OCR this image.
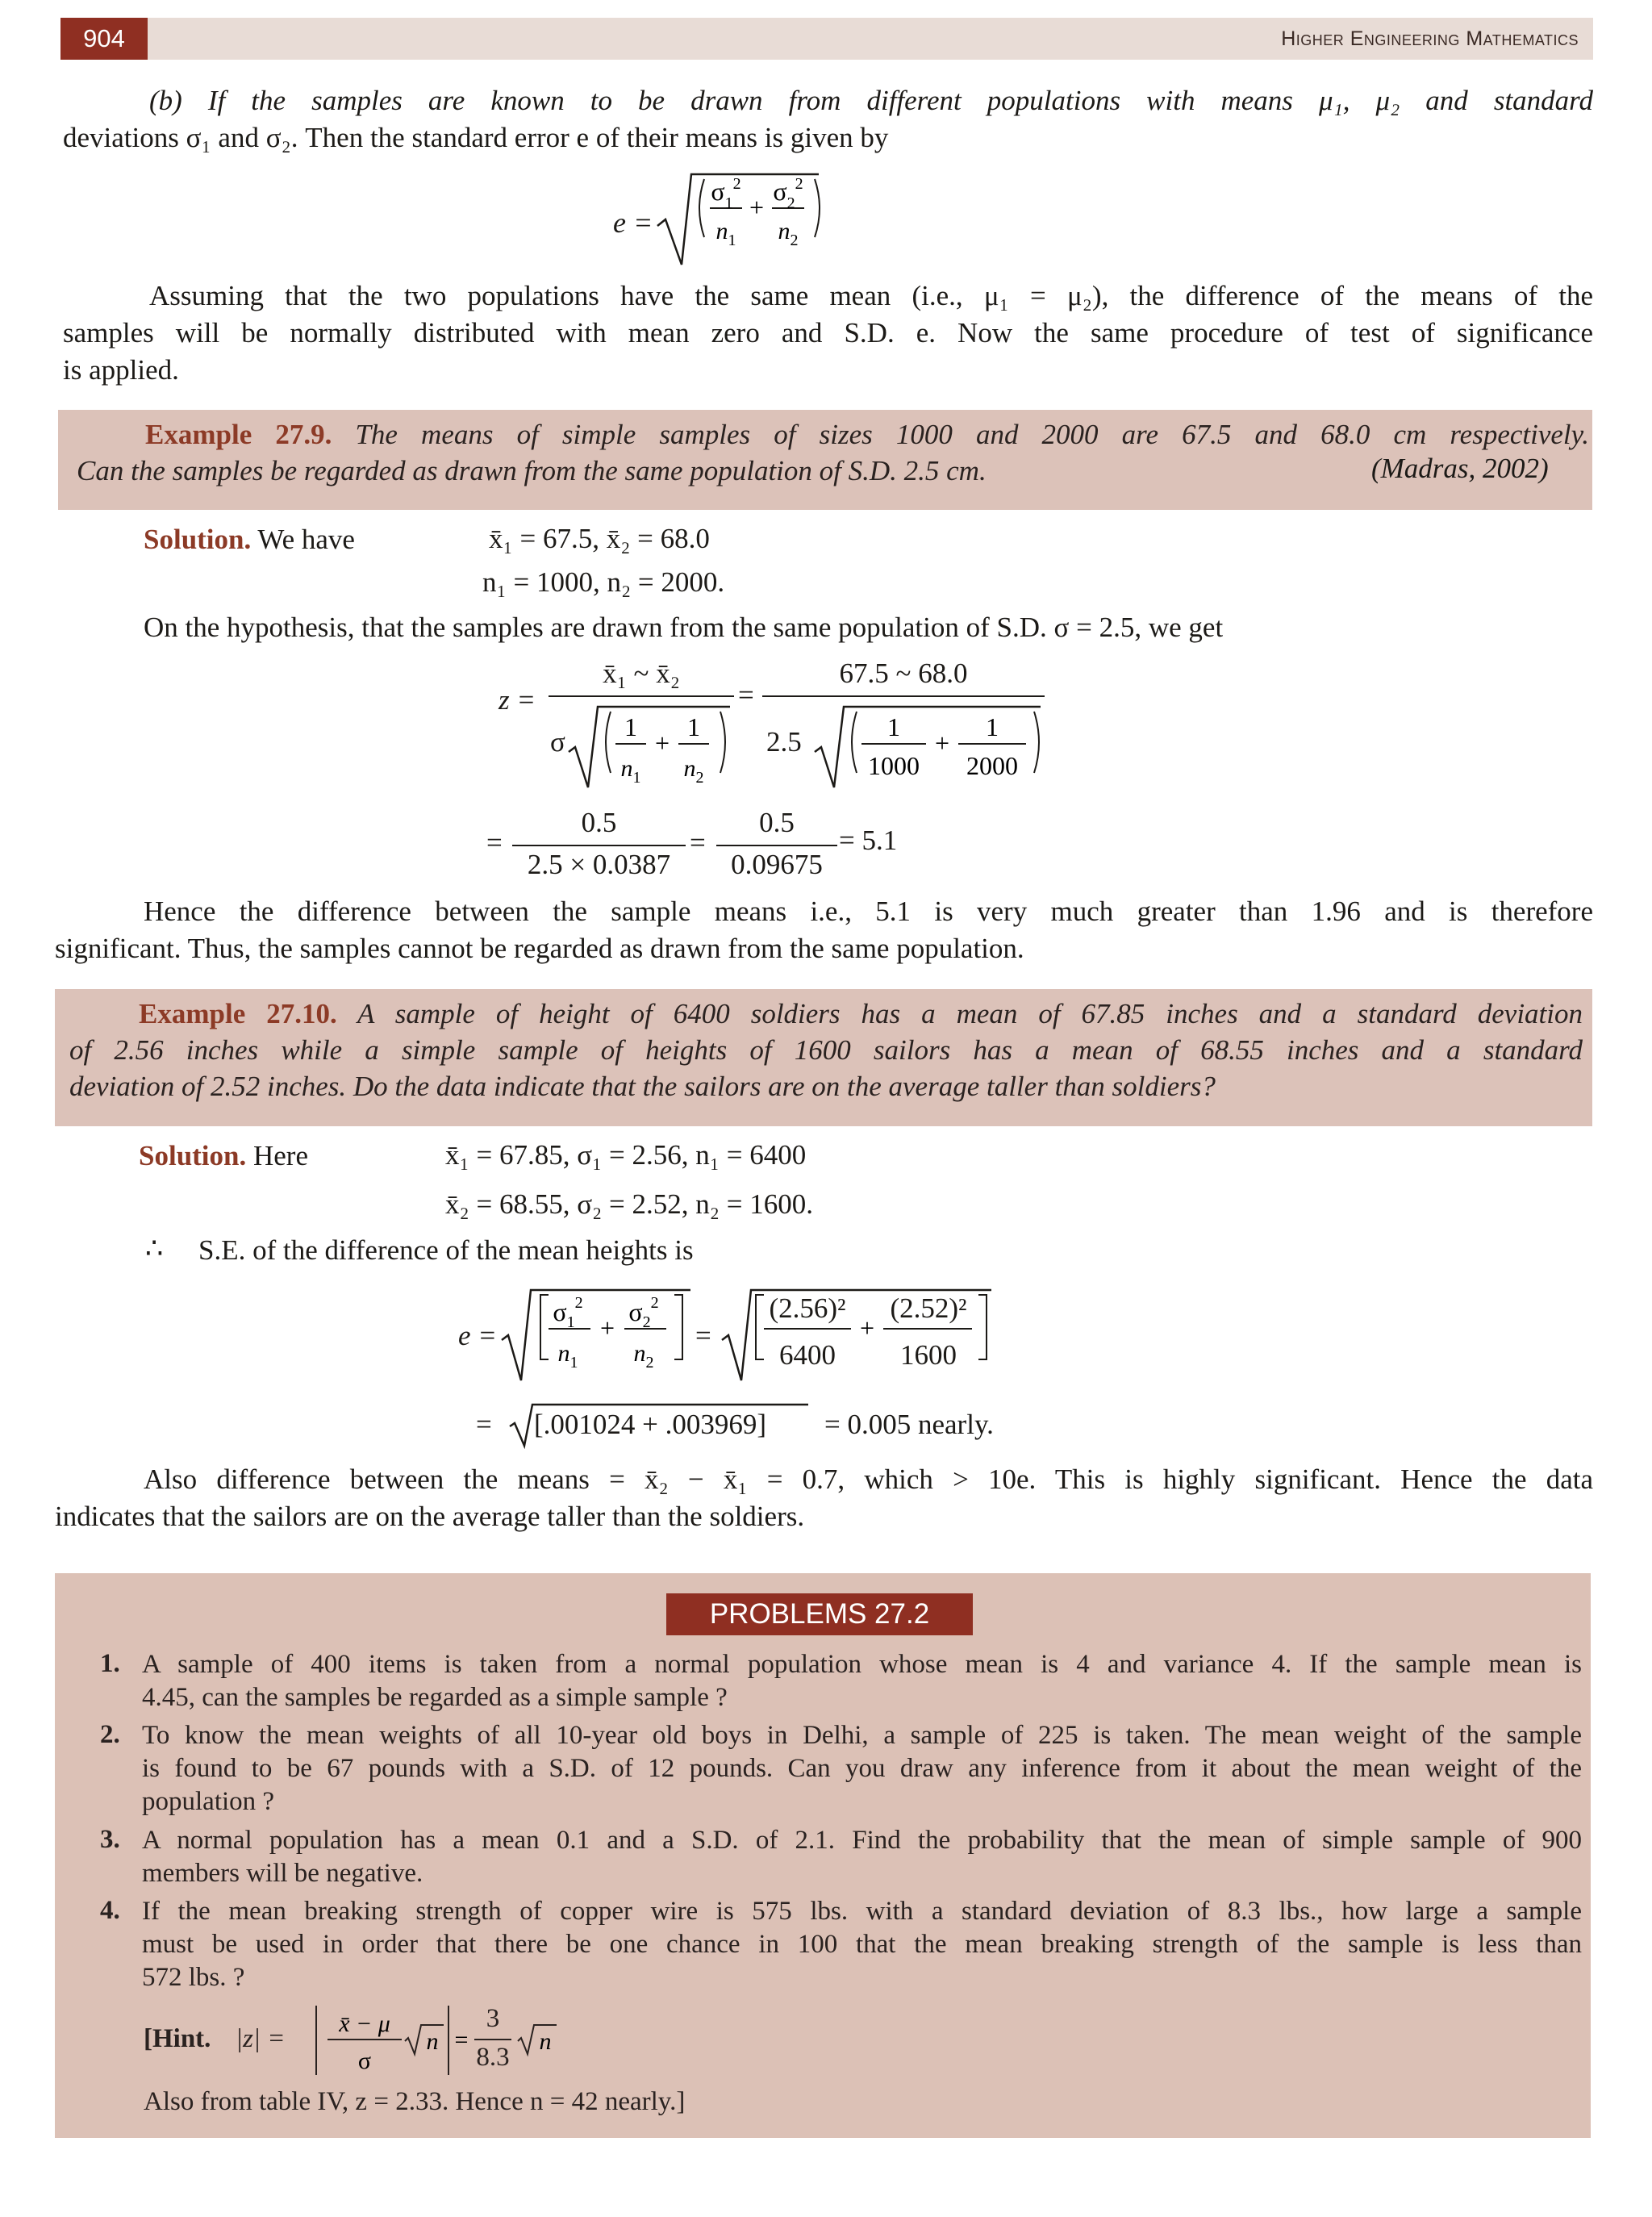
904	Higher Engineering Mathematics
(b) If the samples are known to be drawn from different populations with means μ₁, μ₂ and standard
deviations σ₁ and σ₂. Then the standard error e of their means is given by
e =
$\sigma_1^2$ $\sigma_2^2$
+
$n_1$ $n_2$
Assuming that the two populations have the same mean (i.e., μ₁ = μ₂), the difference of the means of the
samples will be normally distributed with mean zero and S.D. e. Now the same procedure of test of significance
is applied.
Example 27.9. The means of simple samples of sizes 1000 and 2000 are 67.5 and 68.0 cm respectively.
Can the samples be regarded as drawn from the same population of S.D. 2.5 cm.	(Madras, 2002)
Solution. We have	x̄₁ = 67.5, x̄₂ = 68.0
n₁ = 1000, n₂ = 2000.
On the hypothesis, that the samples are drawn from the same population of S.D. σ = 2.5, we get
z =
x̄₁ ~ x̄₂
σ 1 1
+
$n_1$ $n_2$
=
67.5 ~ 68.0
2.5	1	1
+
1000 2000
=
0.5
2.5 × 0.0387
=
0.5
0.09675
= 5.1
Hence the difference between the sample means i.e., 5.1 is very much greater than 1.96 and is therefore
significant. Thus, the samples cannot be regarded as drawn from the same population.
Example 27.10. A sample of height of 6400 soldiers has a mean of 67.85 inches and a standard deviation
of 2.56 inches while a simple sample of heights of 1600 sailors has a mean of 68.55 inches and a standard
deviation of 2.52 inches. Do the data indicate that the sailors are on the average taller than soldiers?
Solution. Here	x̄₁ = 67.85, σ₁ = 2.56, n₁ = 6400
x̄₂ = 68.55, σ₂ = 2.52, n₂ = 1600.
∴ S.E. of the difference of the mean heights is
e =
$\sigma_1^2$ $\sigma_2^2$
+
$n_1$ $n_2$
=	+
(2.56)²
6400
(2.52)²
1600
= [.001024 + .003969] = 0.005 nearly.
Also difference between the means = x̄₂ − x̄₁ = 0.7, which > 10e. This is highly significant. Hence the data
indicates that the sailors are on the average taller than the soldiers.
PROBLEMS 27.2
1. A sample of 400 items is taken from a normal population whose mean is 4 and variance 4. If the sample mean is
4.45, can the samples be regarded as a simple sample ?
2. To know the mean weights of all 10-year old boys in Delhi, a sample of 225 is taken. The mean weight of the sample
is found to be 67 pounds with a S.D. of 12 pounds. Can you draw any inference from it about the mean weight of the
population ?
3. A normal population has a mean 0.1 and a S.D. of 2.1. Find the probability that the mean of simple sample of 900
members will be negative.
4. If the mean breaking strength of copper wire is 575 lbs. with a standard deviation of 8.3 lbs., how large a sample
must be used in order that there be one chance in 100 that the mean breaking strength of the sample is less than
572 lbs. ?
[Hint. |z| =
x̄ − μ
σ
n =	n
3
8.3
Also from table IV, z = 2.33. Hence n = 42 nearly.]
